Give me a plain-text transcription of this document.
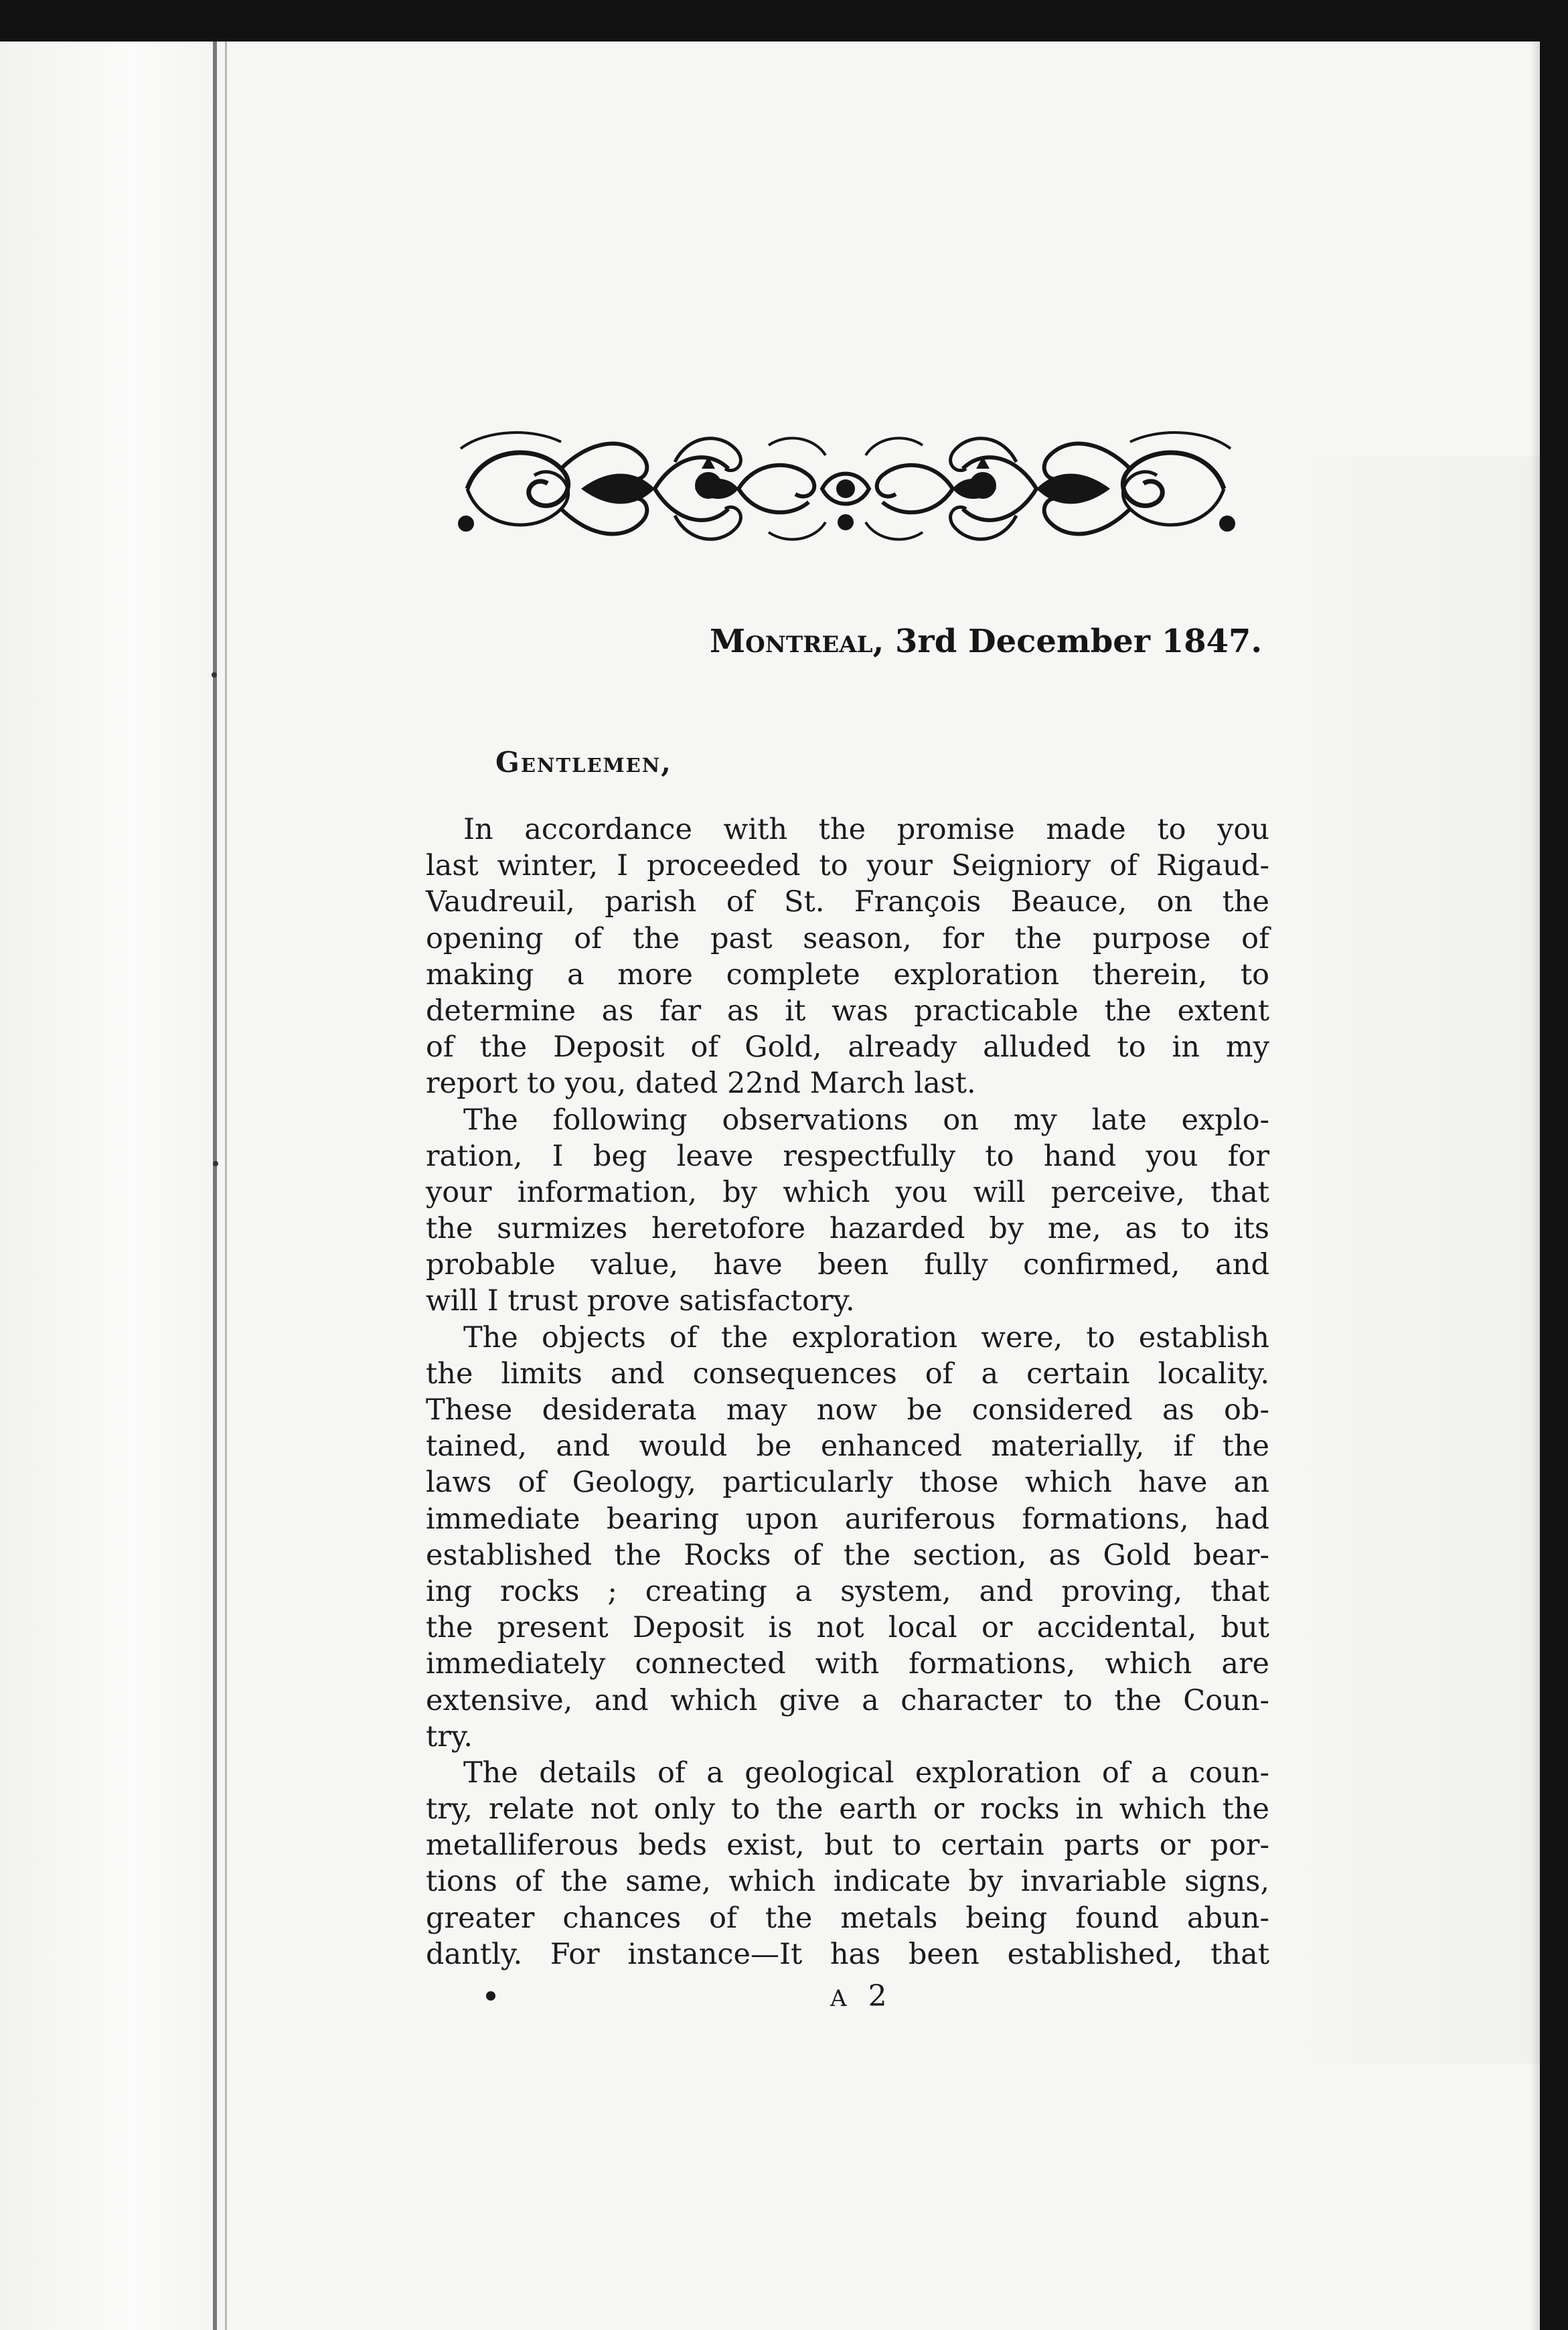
Montreal, 3rd December 1847.
Gentlemen,
In accordance with the promise made to you
last winter, I proceeded to your Seigniory of Rigaud-
Vaudreuil, parish of St. François Beauce, on the
opening of the past season, for the purpose of
making a more complete exploration therein, to
determine as far as it was practicable the extent
of the Deposit of Gold, already alluded to in my
report to you, dated 22nd March last.
The following observations on my late explo-
ration, I beg leave respectfully to hand you for
your information, by which you will perceive, that
the surmizes heretofore hazarded by me, as to its
probable value, have been fully confirmed, and
will I trust prove satisfactory.
The objects of the exploration were, to establish
the limits and consequences of a certain locality.
These desiderata may now be considered as ob-
tained, and would be enhanced materially, if the
laws of Geology, particularly those which have an
immediate bearing upon auriferous formations, had
established the Rocks of the section, as Gold bear-
ing rocks ; creating a system, and proving, that
the present Deposit is not local or accidental, but
immediately connected with formations, which are
extensive, and which give a character to the Coun-
try.
The details of a geological exploration of a coun-
try, relate not only to the earth or rocks in which the
metalliferous beds exist, but to certain parts or por-
tions of the same, which indicate by invariable signs,
greater chances of the metals being found abun-
dantly. For instance—It has been established, that
A 2
